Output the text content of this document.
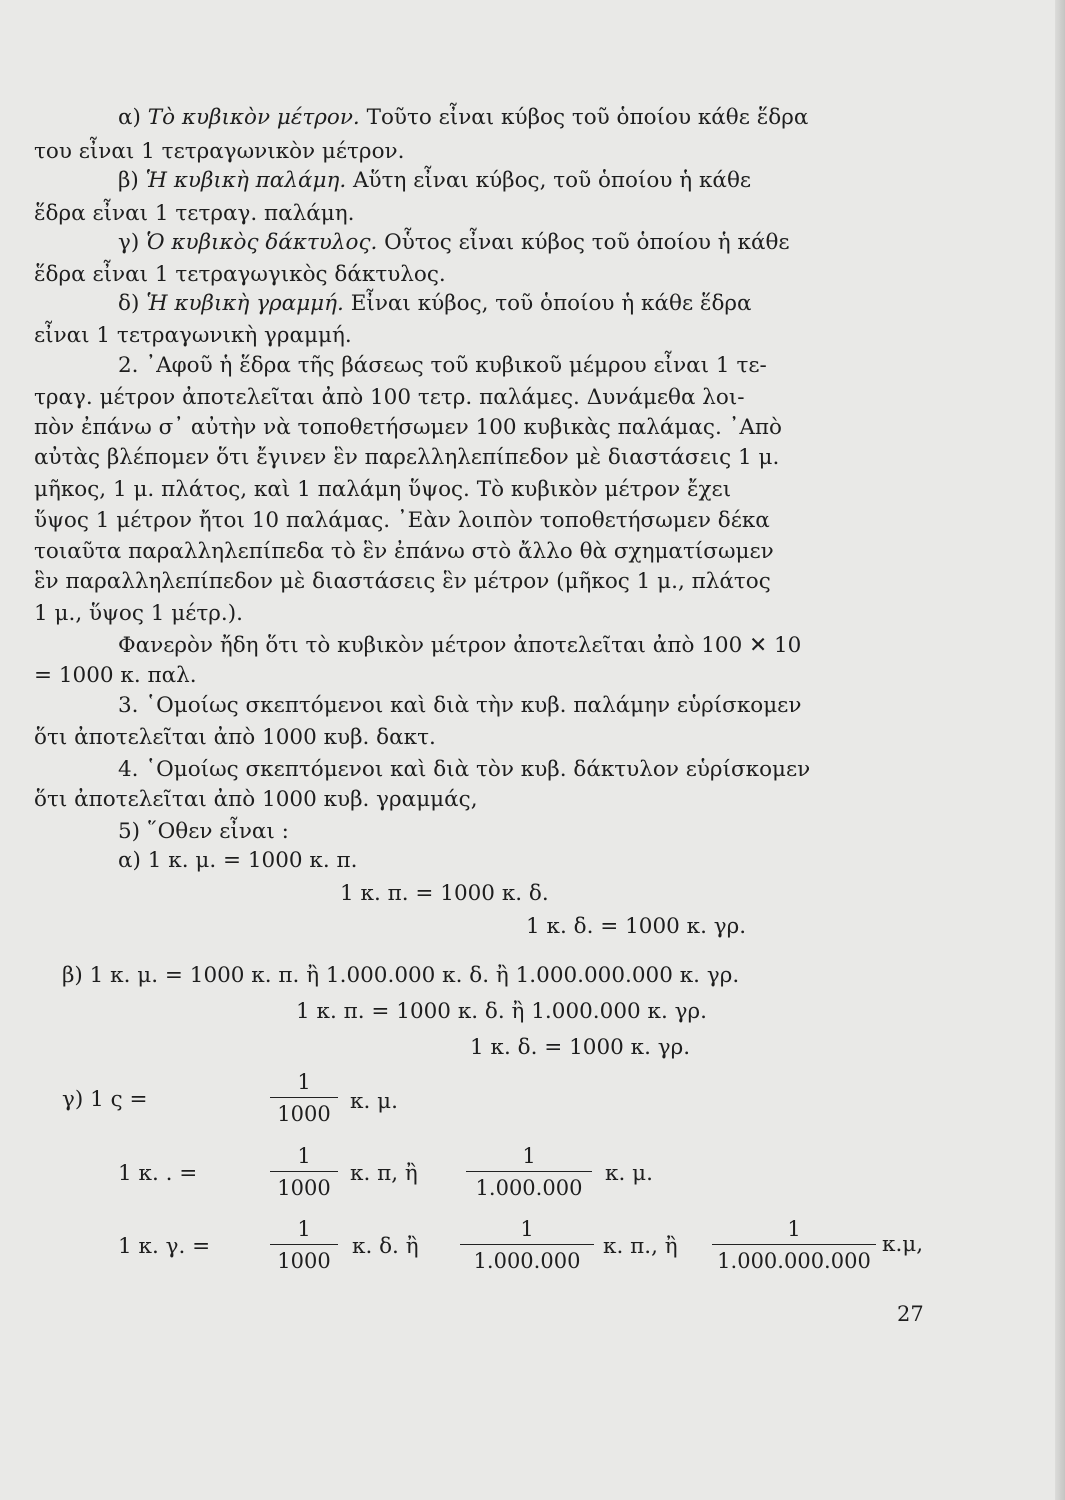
α) Τὸ κυβικὸν μέτρον. Τοῦτο εἶναι κύβος τοῦ ὁποίου κάθε ἕδρα
του εἶναι 1 τετραγωνικὸν μέτρον.
β) Ἡ κυβικὴ παλάμη. Αὕτη εἶναι κύβος, τοῦ ὁποίου ἡ κάθε
ἕδρα εἶναι 1 τετραγ. παλάμη.
γ) Ὁ κυβικὸς δάκτυλος. Οὗτος εἶναι κύβος τοῦ ὁποίου ἡ κάθε
ἕδρα εἶναι 1 τετραγωγικὸς δάκτυλος.
δ) Ἡ κυβικὴ γραμμή. Εἶναι κύβος, τοῦ ὁποίου ἡ κάθε ἕδρα
εἶναι 1 τετραγωνικὴ γραμμή.
2. ᾿Αφοῦ ἡ ἕδρα τῆς βάσεως τοῦ κυβικοῦ μέμρου εἶναι 1 τε-
τραγ. μέτρον ἀποτελεῖται ἀπὸ 100 τετρ. παλάμες. Δυνάμεθα λοι-
πὸν ἐπάνω σ᾿ αὐτὴν νὰ τοποθετήσωμεν 100 κυβικὰς παλάμας. ᾿Απὸ
αὐτὰς βλέπομεν ὅτι ἔγινεν ἓν παρελληλεπίπεδον μὲ διαστάσεις 1 μ.
μῆκος, 1 μ. πλάτος, καὶ 1 παλάμη ὕψος. Τὸ κυβικὸν μέτρον ἔχει
ὕψος 1 μέτρον ἤτοι 10 παλάμας. ᾿Εὰν λοιπὸν τοποθετήσωμεν δέκα
τοιαῦτα παραλληλεπίπεδα τὸ ἓν ἐπάνω στὸ ἄλλο θὰ σχηματίσωμεν
ἓν παραλληλεπίπεδον μὲ διαστάσεις ἓν μέτρον (μῆκος 1 μ., πλάτος
1 μ., ὕψος 1 μέτρ.).
Φανερὸν ἤδη ὅτι τὸ κυβικὸν μέτρον ἀποτελεῖται ἀπὸ 100 ✕ 10
= 1000 κ. παλ.
3. ῾Ομοίως σκεπτόμενοι καὶ διὰ τὴν κυβ. παλάμην εὑρίσκομεν
ὅτι ἀποτελεῖται ἀπὸ 1000 κυβ. δακτ.
4. ῾Ομοίως σκεπτόμενοι καὶ διὰ τὸν κυβ. δάκτυλον εὑρίσκομεν
ὅτι ἀποτελεῖται ἀπὸ 1000 κυβ. γραμμάς,
5) ῞Οθεν εἶναι :
α) 1 κ. μ. = 1000 κ. π.
1 κ. π. = 1000 κ. δ.
1 κ. δ. = 1000 κ. γρ.
β) 1 κ. μ. = 1000 κ. π. ἢ 1.000.000 κ. δ. ἢ 1.000.000.000 κ. γρ.
1 κ. π. = 1000 κ. δ. ἢ 1.000.000 κ. γρ.
1 κ. δ. = 1000 κ. γρ.
γ) 1 ς =
1
1000 κ. μ.
1 κ. . =
1
1000
κ. π, ἢ
1
1.000.000
κ. μ.
1 κ. γ. =
1
1000
κ. δ. ἢ
1
1.000.000
κ. π., ἢ
1
1.000.000.000
κ.μ,
27
